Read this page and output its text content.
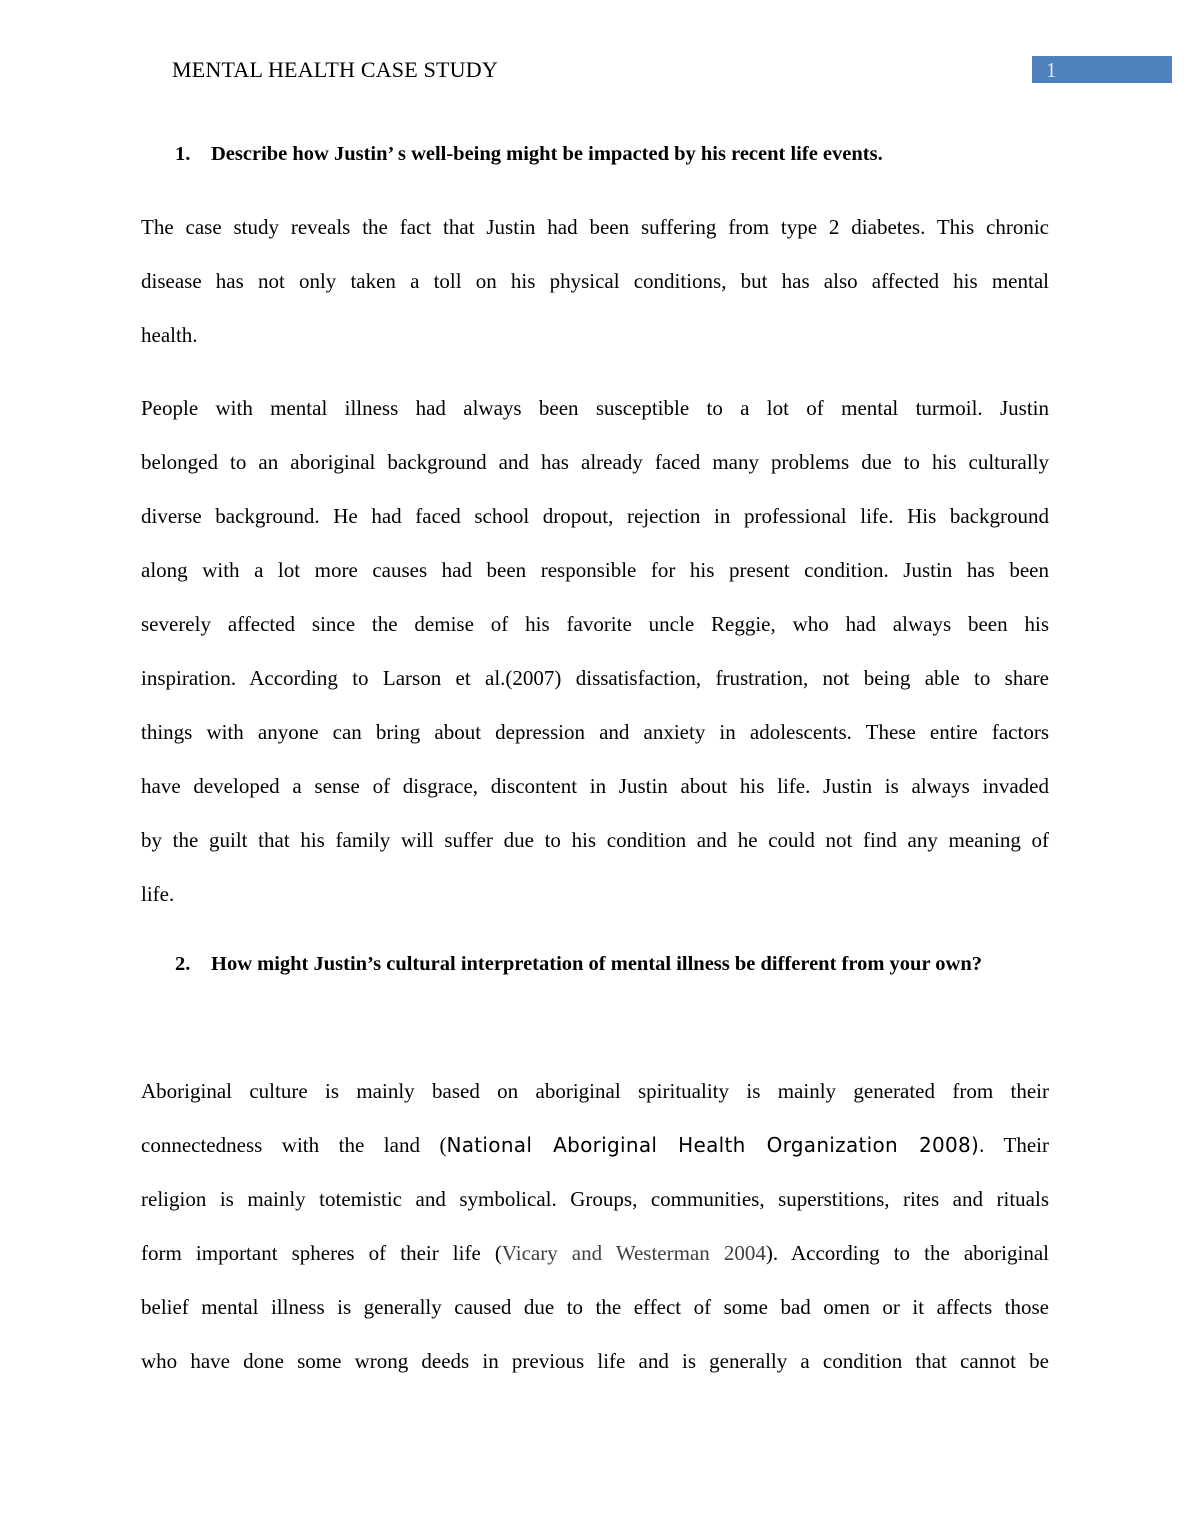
MENTAL HEALTH CASE STUDY	1
1. Describe how Justin’ s well-being might be impacted by his recent life events.
The case study reveals the fact that Justin had been suffering from type 2 diabetes. This chronic
disease has not only taken a toll on his physical conditions, but has also affected his mental
health.
People with mental illness had always been susceptible to a lot of mental turmoil. Justin
belonged to an aboriginal background and has already faced many problems due to his culturally
diverse background. He had faced school dropout, rejection in professional life. His background
along with a lot more causes had been responsible for his present condition. Justin has been
severely affected since the demise of his favorite uncle Reggie, who had always been his
inspiration. According to Larson et al.(2007) dissatisfaction, frustration, not being able to share
things with anyone can bring about depression and anxiety in adolescents. These entire factors
have developed a sense of disgrace, discontent in Justin about his life. Justin is always invaded
by the guilt that his family will suffer due to his condition and he could not find any meaning of
life.
2. How might Justin’s cultural interpretation of mental illness be different from your own?
Aboriginal culture is mainly based on aboriginal spirituality is mainly generated from their
connectedness with the land (National Aboriginal Health Organization 2008). Their
religion is mainly totemistic and symbolical. Groups, communities, superstitions, rites and rituals
form important spheres of their life (Vicary and Westerman 2004). According to the aboriginal
belief mental illness is generally caused due to the effect of some bad omen or it affects those
who have done some wrong deeds in previous life and is generally a condition that cannot be
